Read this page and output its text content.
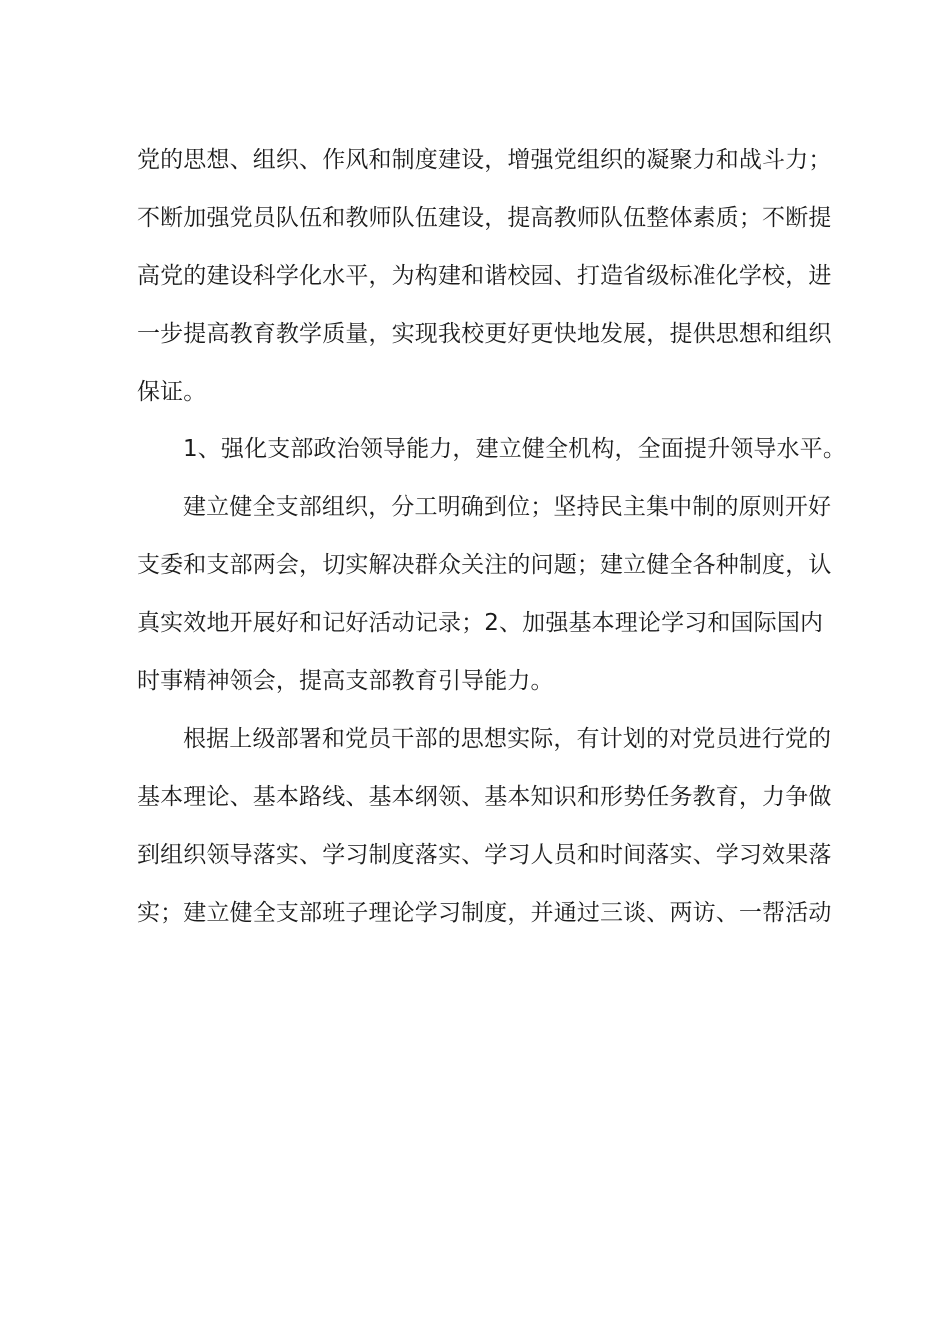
党的思想、组织、作风和制度建设，增强党组织的凝聚力和战斗力；
不断加强党员队伍和教师队伍建设，提高教师队伍整体素质；不断提
高党的建设科学化水平，为构建和谐校园、打造省级标准化学校，进
一步提高教育教学质量，实现我校更好更快地发展，提供思想和组织
保证。
1、强化支部政治领导能力，建立健全机构，全面提升领导水平。
建立健全支部组织，分工明确到位；坚持民主集中制的原则开好
支委和支部两会，切实解决群众关注的问题；建立健全各种制度，认
真实效地开展好和记好活动记录；2、加强基本理论学习和国际国内
时事精神领会，提高支部教育引导能力。
根据上级部署和党员干部的思想实际，有计划的对党员进行党的
基本理论、基本路线、基本纲领、基本知识和形势任务教育，力争做
到组织领导落实、学习制度落实、学习人员和时间落实、学习效果落
实；建立健全支部班子理论学习制度，并通过三谈、两访、一帮活动
